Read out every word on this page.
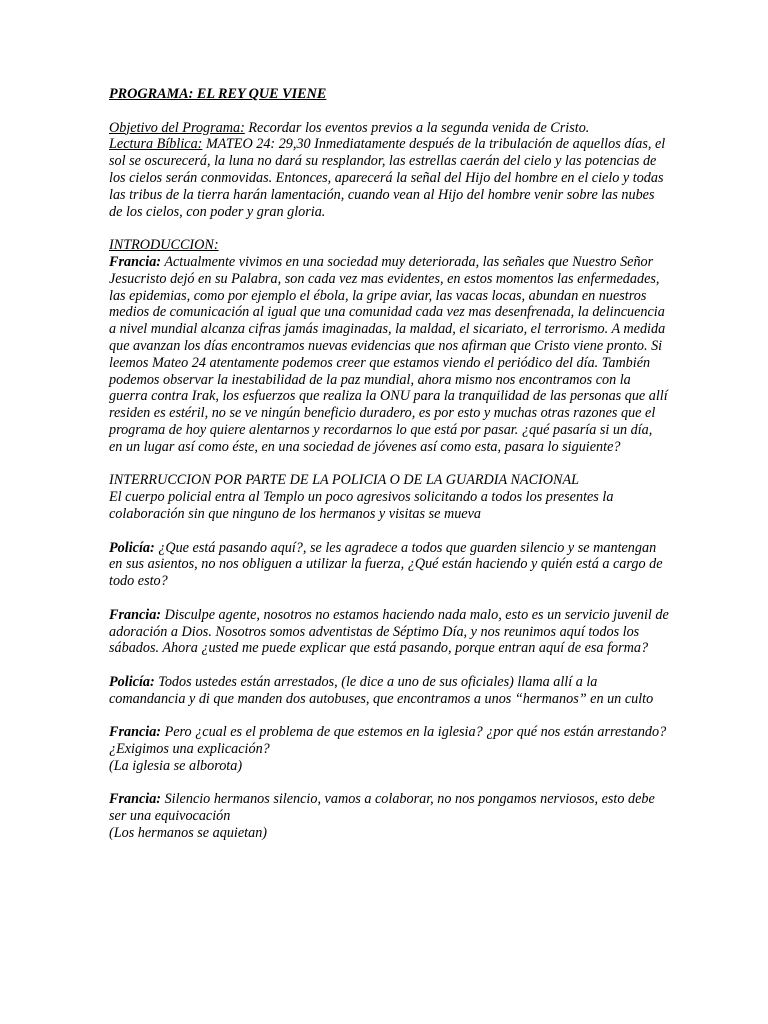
PROGRAMA: EL REY QUE VIENE

Objetivo del Programa: Recordar los eventos previos a la segunda venida de Cristo.
Lectura Bíblica: MATEO 24: 29,30 Inmediatamente después de la tribulación de aquellos días, el sol se oscurecerá, la luna no dará su resplandor, las estrellas caerán del cielo y las potencias de los cielos serán conmovidas. Entonces, aparecerá la señal del Hijo del hombre en el cielo y todas las tribus de la tierra harán lamentación, cuando vean al Hijo del hombre venir sobre las nubes de los cielos, con poder y gran gloria.

INTRODUCCION:
Francia: Actualmente vivimos en una sociedad muy deteriorada, las señales que Nuestro Señor Jesucristo dejó en su Palabra, son cada vez mas evidentes, en estos momentos las enfermedades, las epidemias, como por ejemplo el ébola, la gripe aviar, las vacas locas, abundan en nuestros medios de comunicación al igual que una comunidad cada vez mas desenfrenada, la delincuencia a nivel mundial alcanza cifras jamás imaginadas, la maldad, el sicariato, el terrorismo. A medida que avanzan los días encontramos nuevas evidencias que nos afirman que Cristo viene pronto. Si leemos Mateo 24 atentamente podemos creer que estamos viendo el periódico del día. También podemos observar la inestabilidad de la paz mundial, ahora mismo nos encontramos con la guerra contra Irak, los esfuerzos que realiza la ONU para la tranquilidad de las personas que allí residen es estéril, no se ve ningún beneficio duradero, es por esto y muchas otras razones que el programa de hoy quiere alentarnos y recordarnos lo que está por pasar. ¿qué pasaría si un día, en un lugar así como éste, en una sociedad de jóvenes así como esta, pasara lo siguiente?

INTERRUCCION POR PARTE DE LA POLICIA O DE LA GUARDIA NACIONAL
El cuerpo policial entra al Templo un poco agresivos solicitando a todos los presentes la colaboración sin que ninguno de los hermanos y visitas se mueva

Policía: ¿Que está pasando aquí?, se les agradece a todos que guarden silencio y se mantengan en sus asientos, no nos obliguen a utilizar la fuerza, ¿Qué están haciendo y quién está a cargo de todo esto?

Francia: Disculpe agente, nosotros no estamos haciendo nada malo, esto es un servicio juvenil de adoración a Dios. Nosotros somos adventistas de Séptimo Día, y nos reunimos aquí todos los sábados. Ahora ¿usted me puede explicar que está pasando, porque entran aquí de esa forma?

Policía: Todos ustedes están arrestados, (le dice a uno de sus oficiales) llama allí a la comandancia y di que manden dos autobuses, que encontramos a unos “hermanos” en un culto

Francia: Pero ¿cual es el problema de que estemos en la iglesia? ¿por qué nos están arrestando? ¿Exigimos una explicación?
(La iglesia se alborota)

Francia: Silencio hermanos silencio, vamos a colaborar, no nos pongamos nerviosos, esto debe ser una equivocación
(Los hermanos se aquietan)
